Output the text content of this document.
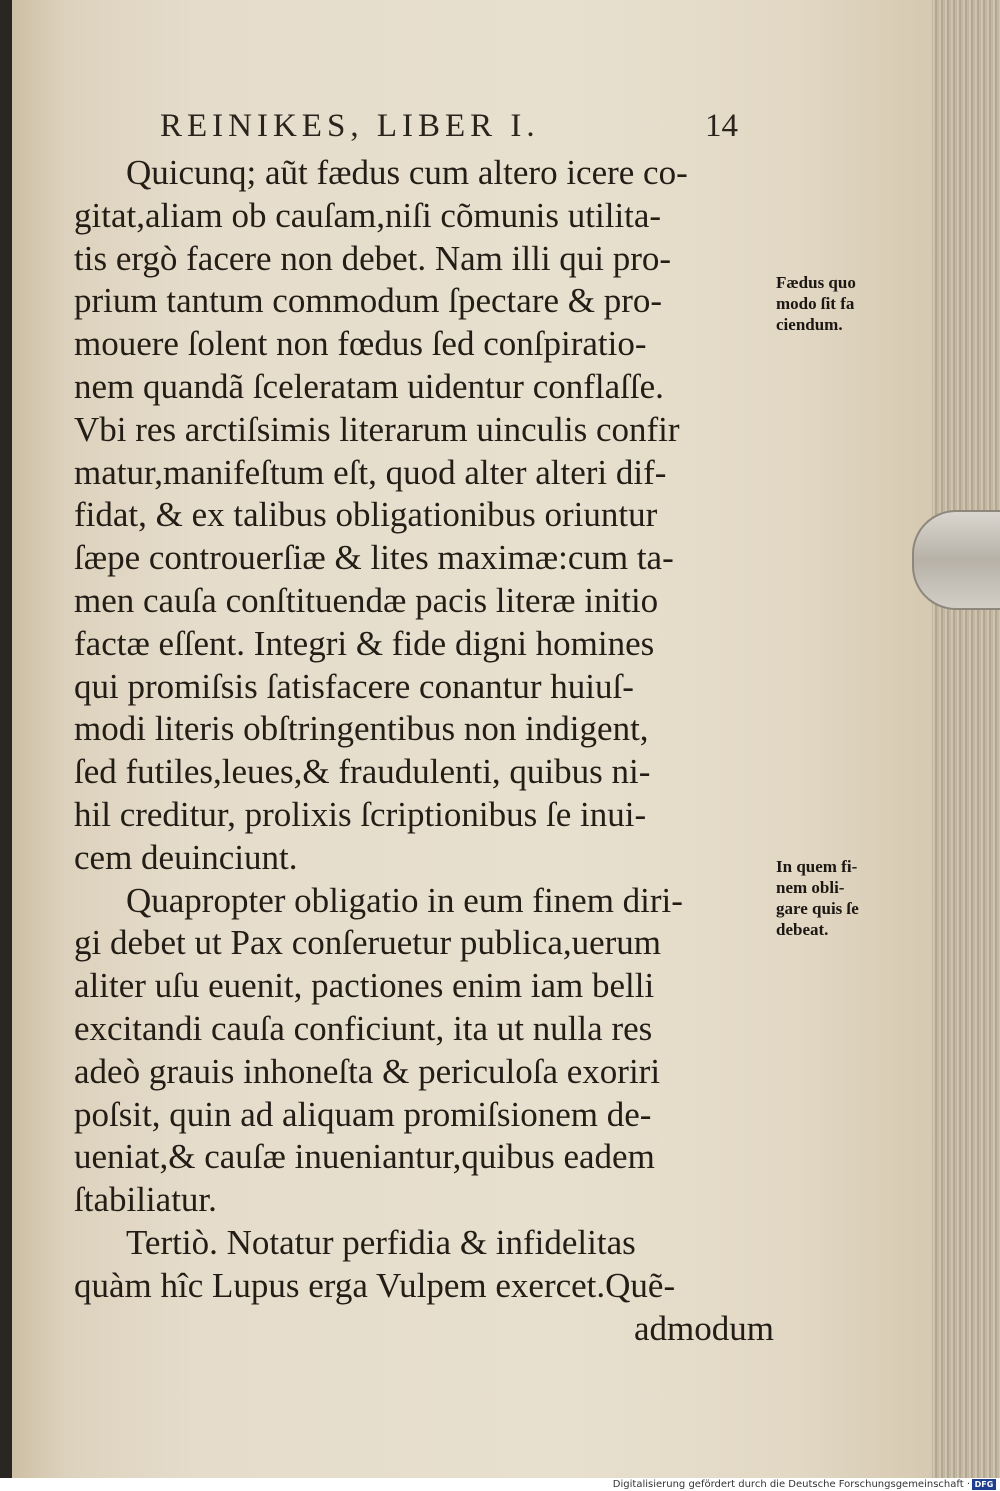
REINIKES, LIBER I.	14
Quicunq; aũt fædus cum altero icere co-
gitat,aliam ob cauſam,niſi cõmunis utilita-
tis ergò facere non debet. Nam illi qui pro-
prium tantum commodum ſpectare & pro-
mouere ſolent non fœdus ſed conſpiratio-
nem quandã ſceleratam uidentur conflaſſe.
Vbi res arctiſsimis literarum uinculis confir
matur,manifeſtum eſt, quod alter alteri dif-
fidat, & ex talibus obligationibus oriuntur
ſæpe controuerſiæ & lites maximæ:cum ta-
men cauſa conſtituendæ pacis literæ initio
factæ eſſent. Integri & fide digni homines
qui promiſsis ſatisfacere conantur huiuſ-
modi literis obſtringentibus non indigent,
ſed futiles,leues,& fraudulenti, quibus ni-
hil creditur, prolixis ſcriptionibus ſe inui-
cem deuinciunt.
Quapropter obligatio in eum finem diri-
gi debet ut Pax conſeruetur publica,uerum
aliter uſu euenit, pactiones enim iam belli
excitandi cauſa conficiunt, ita ut nulla res
adeò grauis inhoneſta & periculoſa exoriri
poſsit, quin ad aliquam promiſsionem de-
ueniat,& cauſæ inueniantur,quibus eadem
ſtabiliatur.
Tertiò. Notatur perfidia & infidelitas
quàm hîc Lupus erga Vulpem exercet.Quẽ-
admodum
Fædus quo
modo ſit fa
ciendum.
In quem fi-
nem obli-
gare quis ſe
debeat.
Digitalisierung gefördert durch die Deutsche Forschungsgemeinschaft · DFG
